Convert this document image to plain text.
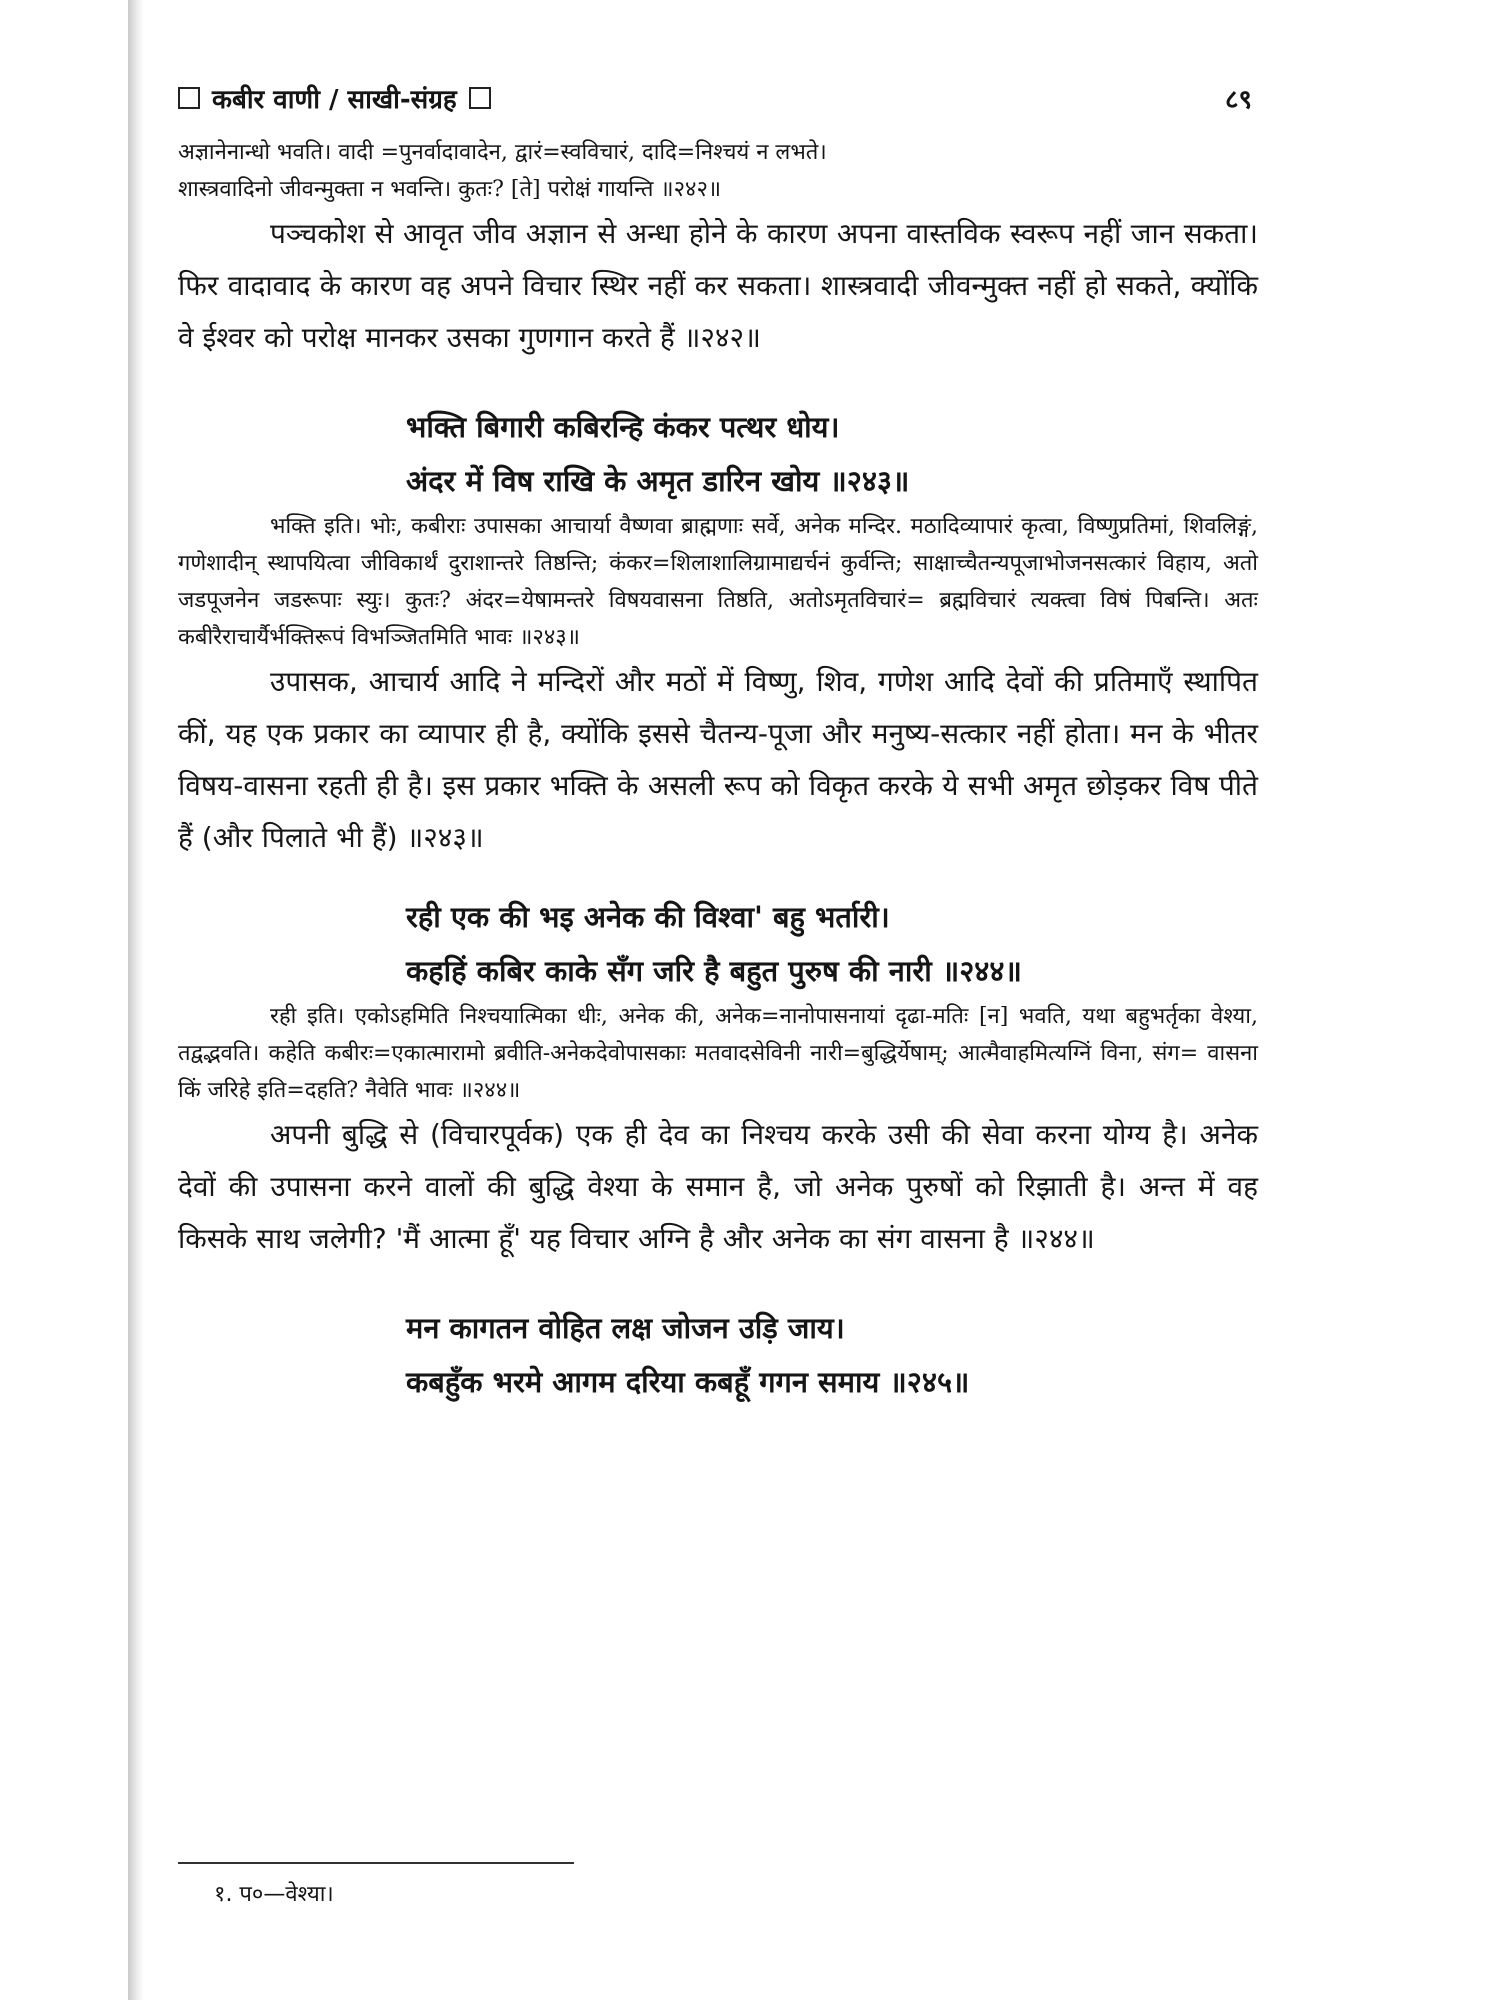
कबीर वाणी / साखी-संग्रह	८९

अज्ञानेनान्धो भवति। वादी =पुनर्वादावादेन, द्वारं=स्वविचारं, दादि=निश्चयं न लभते।

शास्त्रवादिनो जीवन्मुक्ता न भवन्ति। कुतः? [ते] परोक्षं गायन्ति ॥२४२॥

पञ्चकोश से आवृत जीव अज्ञान से अन्धा होने के कारण अपना वास्तविक स्वरूप नहीं जान सकता। फिर वादावाद के कारण वह अपने विचार स्थिर नहीं कर सकता। शास्त्रवादी जीवन्मुक्त नहीं हो सकते, क्योंकि वे ईश्वर को परोक्ष मानकर उसका गुणगान करते हैं ॥२४२॥

भक्ति बिगारी कबिरन्हि कंकर पत्थर धोय।
अंदर में विष राखि के अमृत डारिन खोय ॥२४३॥

भक्ति इति। भोः, कबीराः उपासका आचार्या वैष्णवा ब्राह्मणाः सर्वे, अनेक मन्दिर. मठादिव्यापारं कृत्वा, विष्णुप्रतिमां, शिवलिङ्गं, गणेशादीन् स्थापयित्वा जीविकार्थं दुराशान्तरे तिष्ठन्ति; कंकर=शिलाशालिग्रामाद्यर्चनं कुर्वन्ति; साक्षाच्चैतन्यपूजाभोजनसत्कारं विहाय, अतो जडपूजनेन जडरूपाः स्युः। कुतः? अंदर=येषामन्तरे विषयवासना तिष्ठति, अतोऽमृतविचारं= ब्रह्मविचारं त्यक्त्वा विषं पिबन्ति। अतः कबीरैराचार्यैर्भक्तिरूपं विभञ्जितमिति भावः ॥२४३॥

उपासक, आचार्य आदि ने मन्दिरों और मठों में विष्णु, शिव, गणेश आदि देवों की प्रतिमाएँ स्थापित कीं, यह एक प्रकार का व्यापार ही है, क्योंकि इससे चैतन्य-पूजा और मनुष्य-सत्कार नहीं होता। मन के भीतर विषय-वासना रहती ही है। इस प्रकार भक्ति के असली रूप को विकृत करके ये सभी अमृत छोड़कर विष पीते हैं (और पिलाते भी हैं) ॥२४३॥

रही एक की भइ अनेक की विश्वा' बहु भर्तारी।
कहहिं कबिर काके सँग जरि है बहुत पुरुष की नारी ॥२४४॥

रही इति। एकोऽहमिति निश्चयात्मिका धीः, अनेक की, अनेक=नानोपासनायां दृढा-मतिः [न] भवति, यथा बहुभर्तृका वेश्या, तद्वद्भवति। कहेति कबीरः=एकात्मारामो ब्रवीति-अनेकदेवोपासकाः मतवादसेविनी नारी=बुद्धिर्येषाम्; आत्मैवाहमित्यग्निं विना, संग= वासना किं जरिहे इति=दहति? नैवेति भावः ॥२४४॥

अपनी बुद्धि से (विचारपूर्वक) एक ही देव का निश्चय करके उसी की सेवा करना योग्य है। अनेक देवों की उपासना करने वालों की बुद्धि वेश्या के समान है, जो अनेक पुरुषों को रिझाती है। अन्त में वह किसके साथ जलेगी? 'मैं आत्मा हूँ' यह विचार अग्नि है और अनेक का संग वासना है ॥२४४॥

मन कागतन वोहित लक्ष जोजन उड़ि जाय।
कबहुँक भरमे आगम दरिया कबहूँ गगन समाय ॥२४५॥
१. प०—वेश्या।
